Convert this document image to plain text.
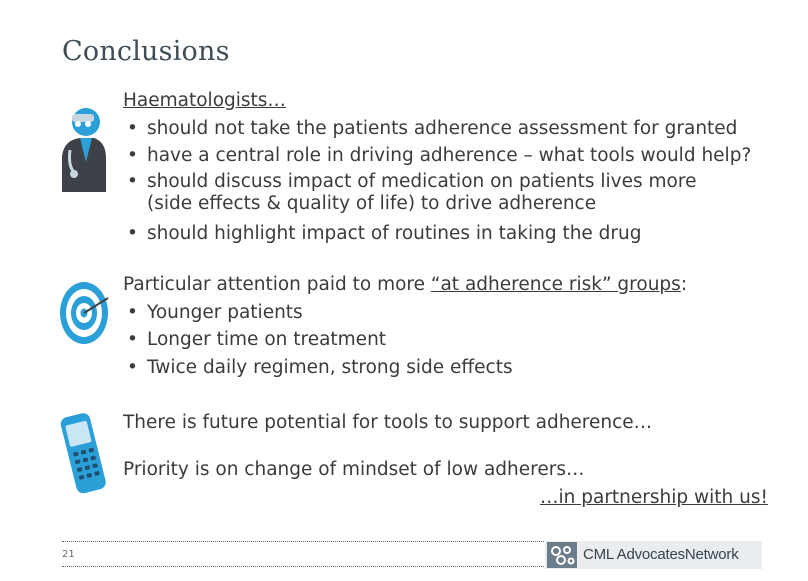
Conclusions
Haematologists…
• should not take the patients adherence assessment for granted
• have a central role in driving adherence – what tools would help?
• should discuss impact of medication on patients lives more
(side effects & quality of life) to drive adherence
• should highlight impact of routines in taking the drug
Particular attention paid to more “at adherence risk” groups:
• Younger patients
• Longer time on treatment
• Twice daily regimen, strong side effects
There is future potential for tools to support adherence…
Priority is on change of mindset of low adherers…
…in partnership with us!
21	CML AdvocatesNetwork
